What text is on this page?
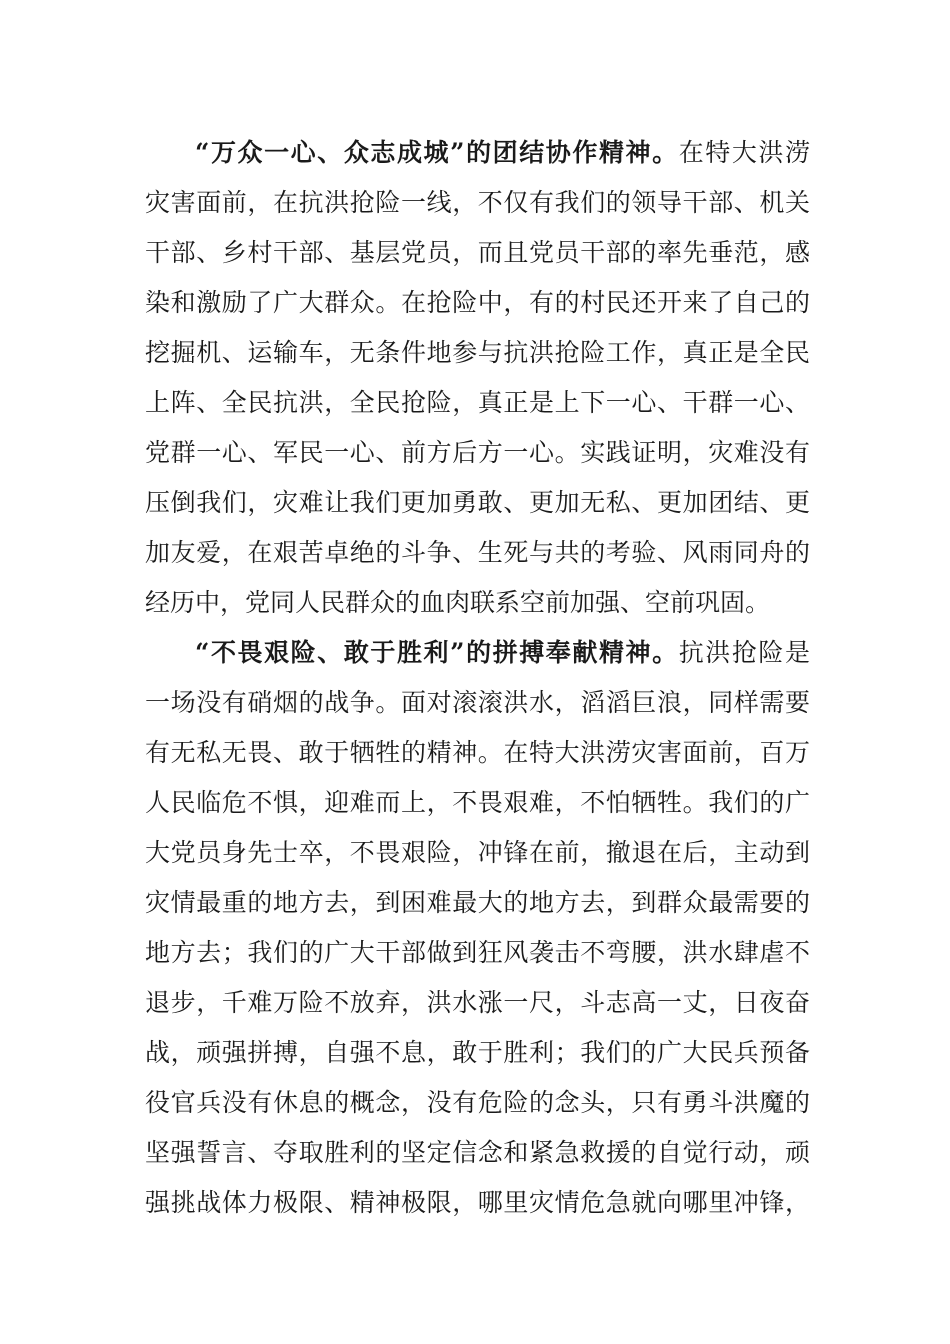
“万众一心、众志成城”的团结协作精神。在特大洪涝
灾害面前，在抗洪抢险一线，不仅有我们的领导干部、机关
干部、乡村干部、基层党员，而且党员干部的率先垂范，感
染和激励了广大群众。在抢险中，有的村民还开来了自己的
挖掘机、运输车，无条件地参与抗洪抢险工作，真正是全民
上阵、全民抗洪，全民抢险，真正是上下一心、干群一心、
党群一心、军民一心、前方后方一心。实践证明，灾难没有
压倒我们，灾难让我们更加勇敢、更加无私、更加团结、更
加友爱，在艰苦卓绝的斗争、生死与共的考验、风雨同舟的
经历中，党同人民群众的血肉联系空前加强、空前巩固。
“不畏艰险、敢于胜利”的拼搏奉献精神。抗洪抢险是
一场没有硝烟的战争。面对滚滚洪水，滔滔巨浪，同样需要
有无私无畏、敢于牺牲的精神。在特大洪涝灾害面前，百万
人民临危不惧，迎难而上，不畏艰难，不怕牺牲。我们的广
大党员身先士卒，不畏艰险，冲锋在前，撤退在后，主动到
灾情最重的地方去，到困难最大的地方去，到群众最需要的
地方去；我们的广大干部做到狂风袭击不弯腰，洪水肆虐不
退步，千难万险不放弃，洪水涨一尺，斗志高一丈，日夜奋
战，顽强拼搏，自强不息，敢于胜利；我们的广大民兵预备
役官兵没有休息的概念，没有危险的念头，只有勇斗洪魔的
坚强誓言、夺取胜利的坚定信念和紧急救援的自觉行动，顽
强挑战体力极限、精神极限，哪里灾情危急就向哪里冲锋，
